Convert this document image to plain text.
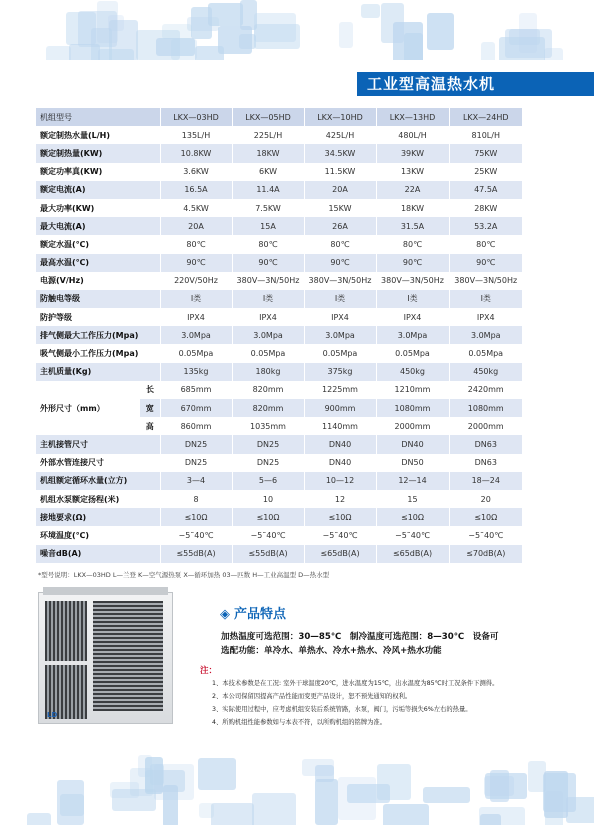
工业型高温热水机
机组型号		LKX—03HD	LKX—05HD	LKX—10HD	LKX—13HD	LKX—24HD
额定制热水量(L/H)		135L/H	225L/H	425L/H	480L/H	810L/H
额定制热量(KW)		10.8KW	18KW	34.5KW	39KW	75KW
额定功率真(KW)		3.6KW	6KW	11.5KW	13KW	25KW
额定电流(A)		16.5A	11.4A	20A	22A	47.5A
最大功率(KW)		4.5KW	7.5KW	15KW	18KW	28KW
最大电流(A)		20A	15A	26A	31.5A	53.2A
额定水温(℃)		80℃	80℃	80℃	80℃	80℃
最高水温(℃)		90℃	90℃	90℃	90℃	90℃
电源(V/Hz)		220V/50Hz	380V—3N/50Hz	380V—3N/50Hz	380V—3N/50Hz	380V—3N/50Hz
防触电等级		I类	I类	I类	I类	I类
防护等级		IPX4	IPX4	IPX4	IPX4	IPX4
排气侧最大工作压力(Mpa)		3.0Mpa	3.0Mpa	3.0Mpa	3.0Mpa	3.0Mpa
吸气侧最小工作压力(Mpa)		0.05Mpa	0.05Mpa	0.05Mpa	0.05Mpa	0.05Mpa
主机质量(Kg)		135kg	180kg	375kg	450kg	450kg
外形尺寸（mm）	长	685mm	820mm	1225mm	1210mm	2420mm
	宽	670mm	820mm	900mm	1080mm	1080mm
	高	860mm	1035mm	1140mm	2000mm	2000mm
主机接管尺寸		DN25	DN25	DN40	DN40	DN63
外部水管连接尺寸		DN25	DN25	DN40	DN50	DN63
机组额定循环水量(立方)		3—4	5—6	10—12	12—14	18—24
机组水泵额定扬程(米)		8	10	12	15	20
接地要求(Ω)		≤10Ω	≤10Ω	≤10Ω	≤10Ω	≤10Ω
环境温度(℃)		−5˜40℃	−5˜40℃	−5˜40℃	−5˜40℃	−5˜40℃
噪音dB(A)		≤55dB(A)	≤55dB(A)	≤65dB(A)	≤65dB(A)	≤70dB(A)
*型号说明：LKX—03HD L—兰登 K—空气源热泵 X—循环加热 03—匹数 H—工业高温型 D—热水型
LD
◈ 产品特点
加热温度可选范围：30—85℃　制冷温度可选范围：8—30℃　设备可
选配功能：单冷水、单热水、冷水+热水、冷风+热水功能
注：
1、本技术参数是在工况: 室外干球温度20℃，进水温度为15℃，出水温度为85℃时工况条件下测得。
2、本公司保留因提高产品性能而变更产品设计，恕不预先通知的权利。
3、实际使用过程中，应考虑机组安装后系统管路，水泵，阀门，污垢等损失6%左右的热量。
4、所购机组性能参数如与本表不符，以所购机组的铭牌为准。
